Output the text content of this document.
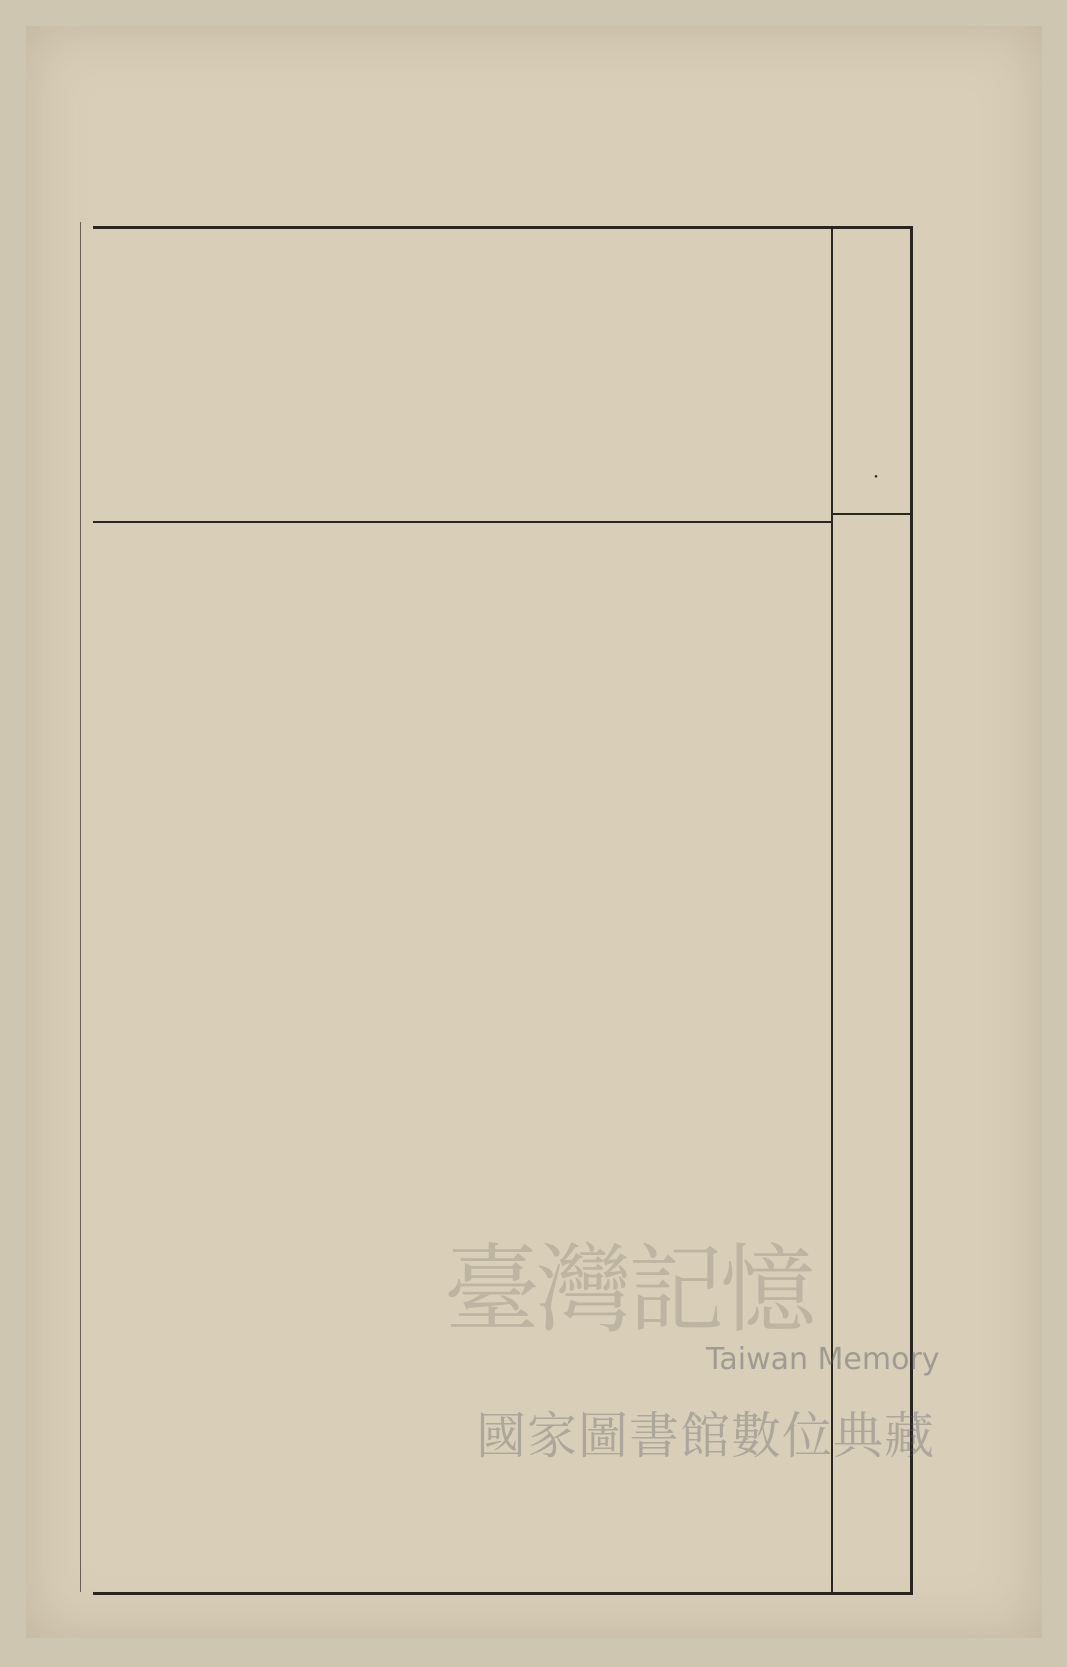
・
臺灣記憶
Taiwan Memory
國家圖書館數位典藏
